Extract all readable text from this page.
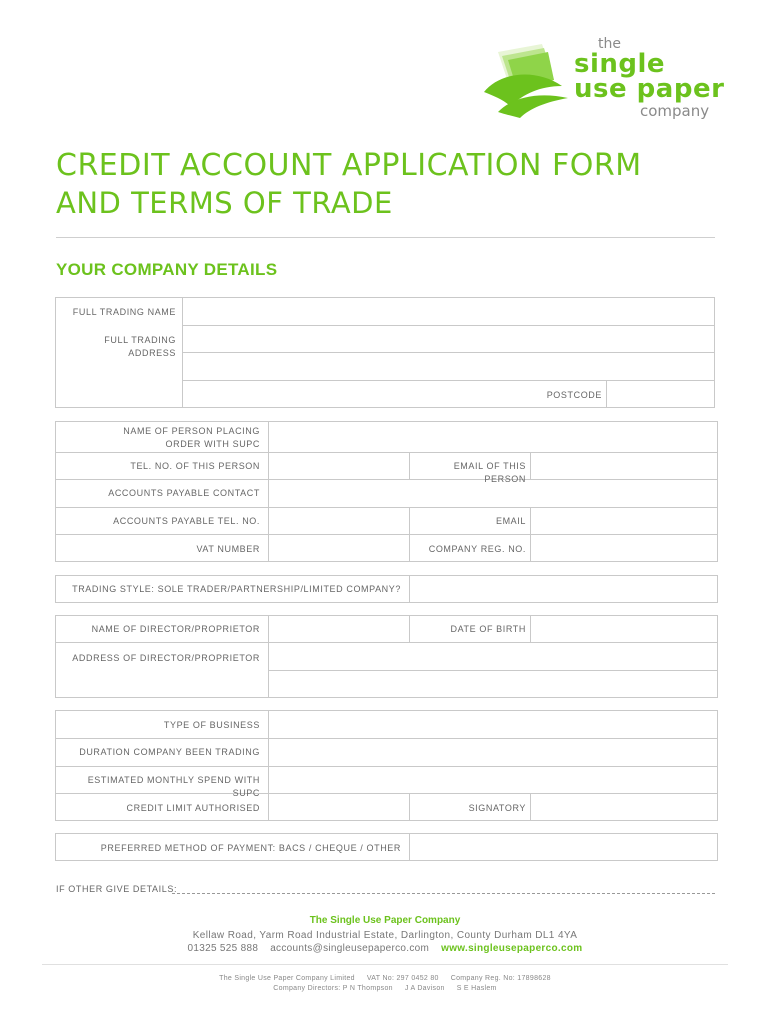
the
single
use paper
company
CREDIT ACCOUNT APPLICATION FORM
AND TERMS OF TRADE
YOUR COMPANY DETAILS
FULL TRADING NAME
FULL TRADING ADDRESS
POSTCODE
NAME OF PERSON PLACING ORDER WITH SUPC
TEL. NO. OF THIS PERSON	EMAIL OF THIS PERSON
ACCOUNTS PAYABLE CONTACT
ACCOUNTS PAYABLE TEL. NO.	EMAIL
VAT NUMBER	COMPANY REG. NO.
TRADING STYLE: SOLE TRADER/PARTNERSHIP/LIMITED COMPANY?
NAME OF DIRECTOR/PROPRIETOR	DATE OF BIRTH
ADDRESS OF DIRECTOR/PROPRIETOR
TYPE OF BUSINESS
DURATION COMPANY BEEN TRADING
ESTIMATED MONTHLY SPEND WITH SUPC
CREDIT LIMIT AUTHORISED	SIGNATORY
PREFERRED METHOD OF PAYMENT: BACS / CHEQUE / OTHER
IF OTHER GIVE DETAILS:
The Single Use Paper Company
Kellaw Road, Yarm Road Industrial Estate, Darlington, County Durham DL1 4YA
01325 525 888 accounts@singleusepaperco.com www.singleusepaperco.com
The Single Use Paper Company Limited VAT No: 297 0452 80 Company Reg. No: 17898628
Company Directors: P N Thompson J A Davison S E Haslem
